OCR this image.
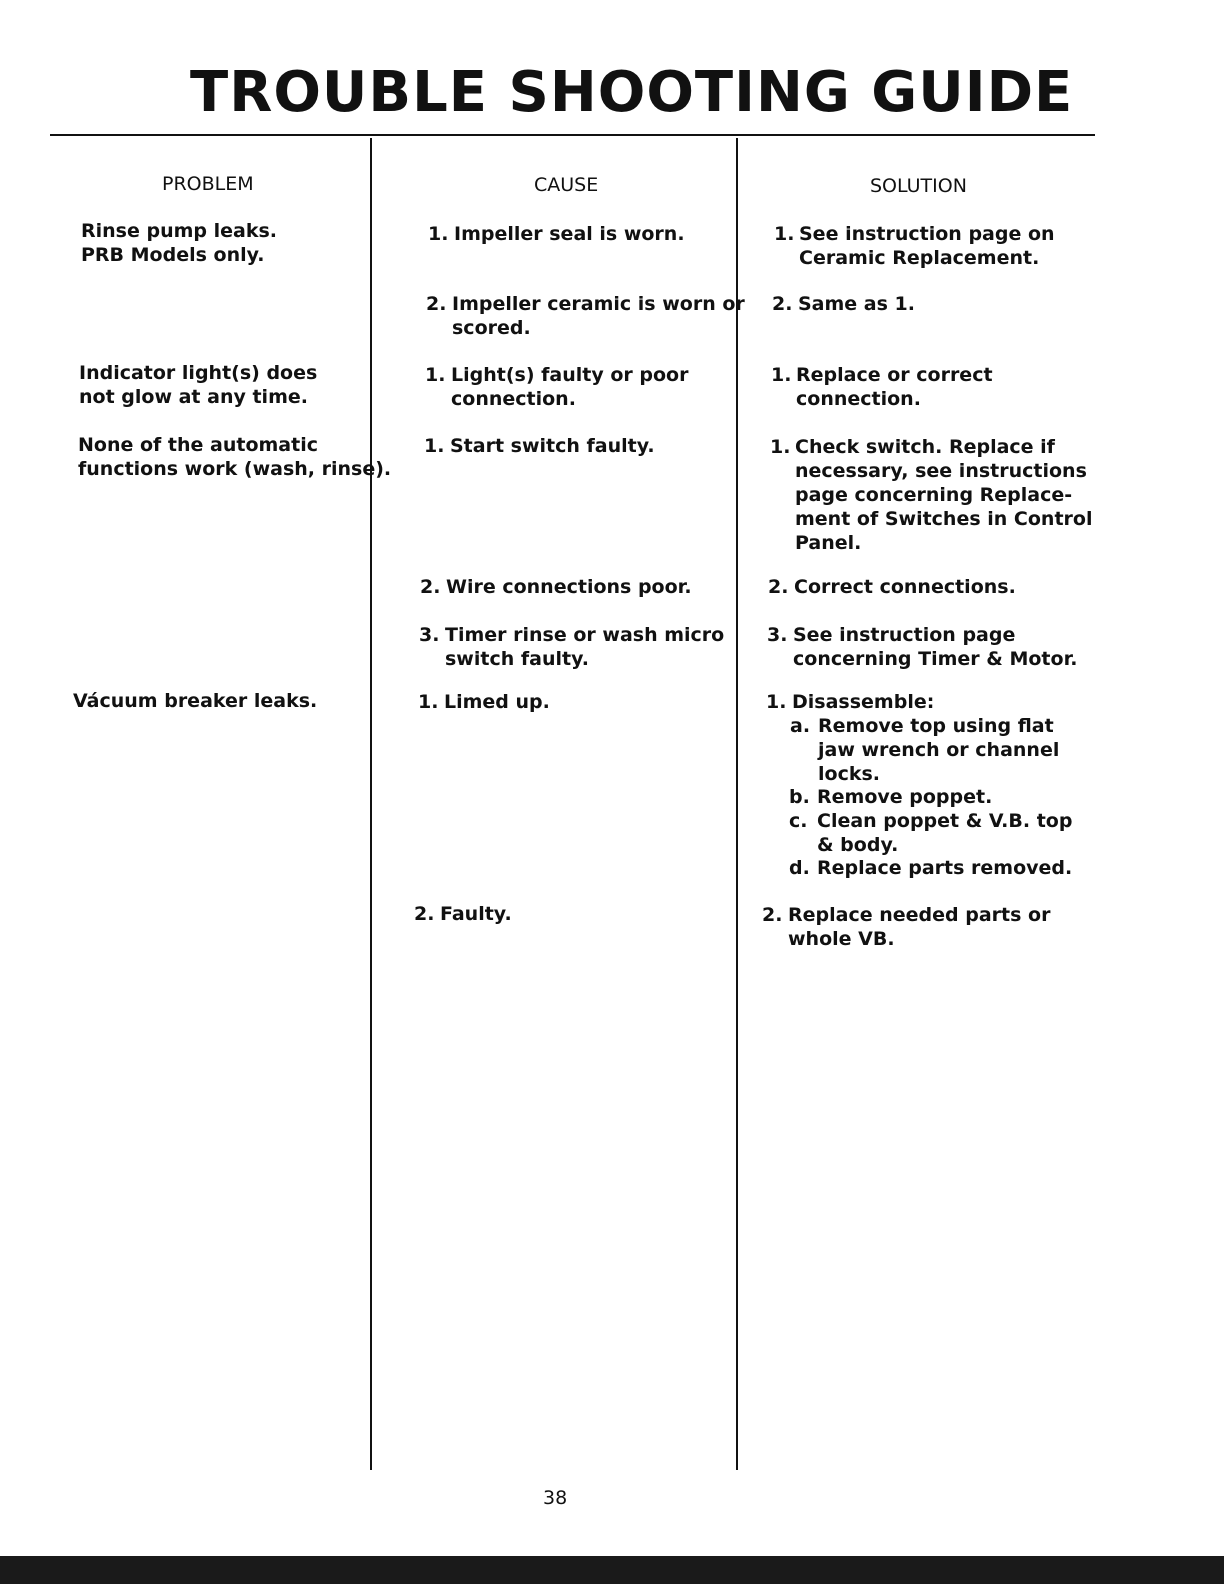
TROUBLE SHOOTING GUIDE
PROBLEM	CAUSE	SOLUTION
Rinse pump leaks.
PRB Models only.
Indicator light(s) does
not glow at any time.
None of the automatic
functions work (wash, rinse).
Vácuum breaker leaks.
1. Impeller seal is worn.
2. Impeller ceramic is worn or
scored.
1. Light(s) faulty or poor
connection.
1. Start switch faulty.
2. Wire connections poor.
3. Timer rinse or wash micro
switch faulty.
1. Limed up.
2. Faulty.
1. See instruction page on
Ceramic Replacement.
2. Same as 1.
1. Replace or correct
connection.
1. Check switch. Replace if
necessary, see instructions
page concerning Replace-
ment of Switches in Control
Panel.
2. Correct connections.
3. See instruction page
concerning Timer & Motor.
1. Disassemble:
a. Remove top using flat
jaw wrench or channel
locks.
b. Remove poppet.
c. Clean poppet & V.B. top
& body.
d. Replace parts removed.
2. Replace needed parts or
whole VB.
38
